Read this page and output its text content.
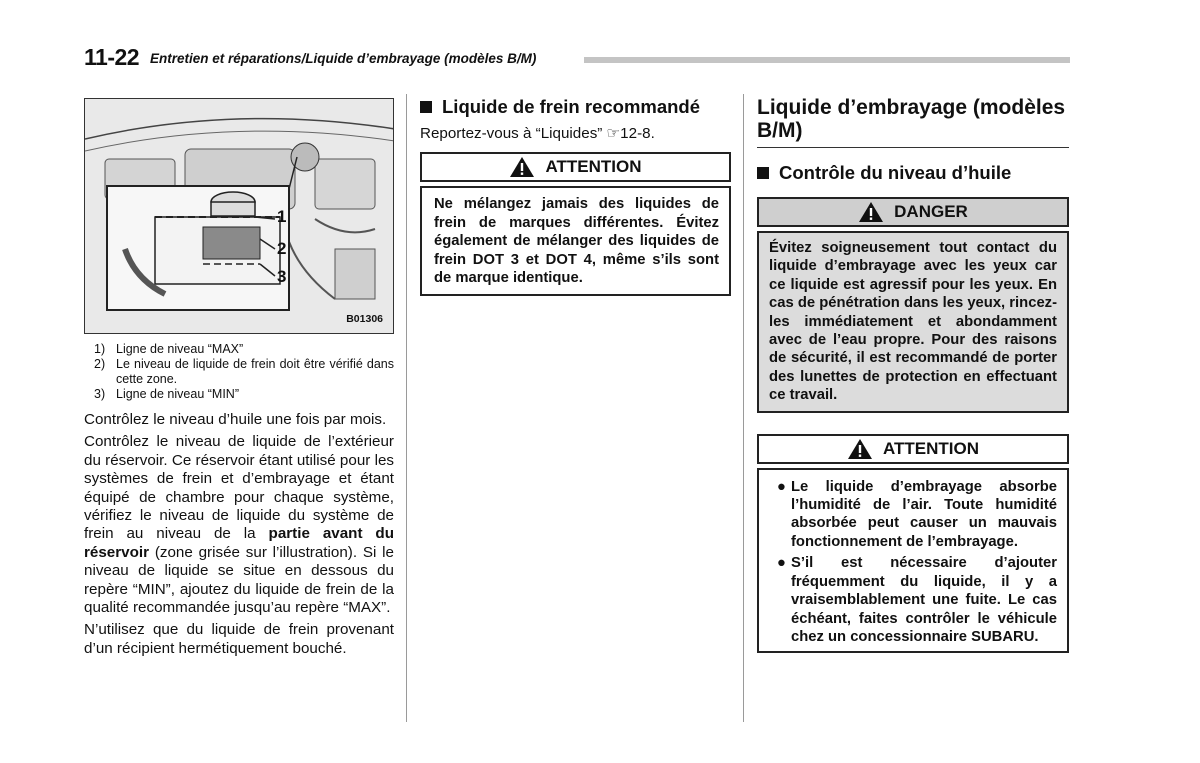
11-22 Entretien et réparations/Liquide d’embrayage (modèles B/M)
1
2
3
B01306
1) Ligne de niveau “MAX”
2) Le niveau de liquide de frein doit être vérifié dans cette zone.
3) Ligne de niveau “MIN”

Contrôlez le niveau d’huile une fois par mois.

Contrôlez le niveau de liquide de l’extérieur du réservoir. Ce réservoir étant utilisé pour les systèmes de frein et d’embrayage et étant équipé de chambre pour chaque système, vérifiez le niveau de liquide du système de frein au niveau de la partie avant du réservoir (zone grisée sur l’illustration). Si le niveau de liquide se situe en dessous du repère “MIN”, ajoutez du liquide de frein de la qualité recommandée jusqu’au repère “MAX”.

N’utilisez que du liquide de frein provenant d’un récipient hermétiquement bouché.

Liquide de frein recommandé

Reportez-vous à “Liquides” ☞12-8.

ATTENTION

Ne mélangez jamais des liquides de frein de marques différentes. Évitez également de mélanger des liquides de frein DOT 3 et DOT 4, même s’ils sont de marque identique.

Liquide d’embrayage (modèles B/M)
Contrôle du niveau d’huile
DANGER

Évitez soigneusement tout contact du liquide d’embrayage avec les yeux car ce liquide est agressif pour les yeux. En cas de pénétration dans les yeux, rincez-les immédiatement et abondamment avec de l’eau propre. Pour des raisons de sécurité, il est recommandé de porter des lunettes de protection en effectuant ce travail.

ATTENTION
● Le liquide d’embrayage absorbe l’humidité de l’air. Toute humidité absorbée peut causer un mauvais fonctionnement de l’embrayage.
● S’il est nécessaire d’ajouter fréquemment du liquide, il y a vraisemblablement une fuite. Le cas échéant, faites contrôler le véhicule chez un concessionnaire SUBARU.
